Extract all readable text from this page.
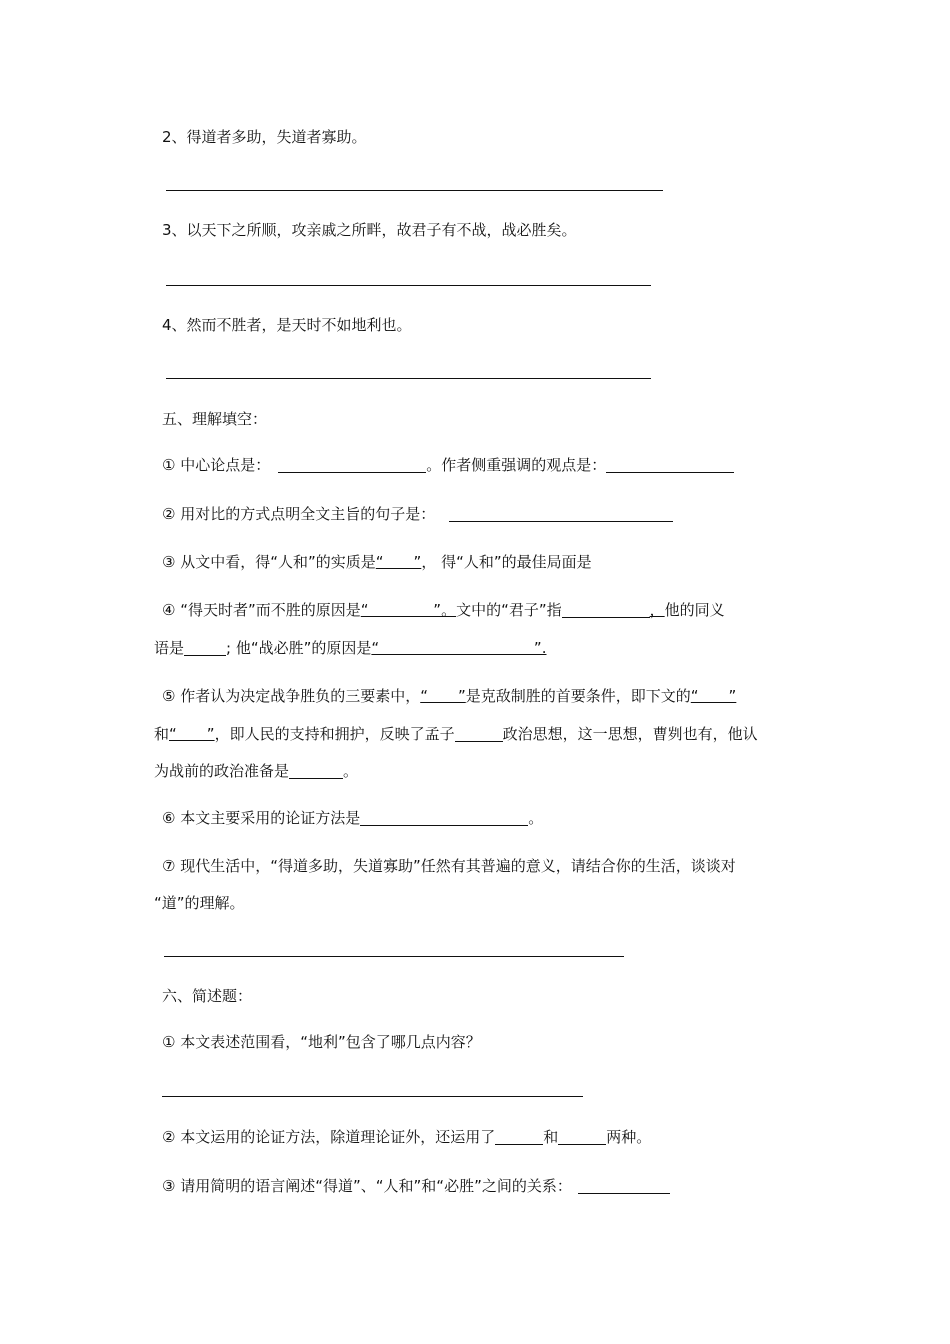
2、得道者多助，失道者寡助。
3、以天下之所顺，攻亲戚之所畔，故君子有不战，战必胜矣。
4、然而不胜者，是天时不如地利也。
五、理解填空：
① 中心论点是：	。作者侧重强调的观点是：
② 用对比的方式点明全文主旨的句子是：
③ 从文中看，得“人和”的实质是“　　”， 得“人和”的最佳局面是
④ “得天时者”而不胜的原因是“　　　　 ”。文中的“君子”指	，他的同义
语是	; 他“战必胜”的原因是“　　　　　　　　　　 ”.
⑤ 作者认为决定战争胜负的三要素中，“　　”是克敌制胜的首要条件，即下文的“　　”
和“　　”，即人民的支持和拥护，反映了孟子	政治思想，这一思想，曹刿也有，他认
为战前的政治准备是	。
⑥ 本文主要采用的论证方法是	。
⑦ 现代生活中，“得道多助，失道寡助”任然有其普遍的意义，请结合你的生活，谈谈对
“道”的理解。
六、简述题：
① 本文表述范围看，“地利”包含了哪几点内容？
② 本文运用的论证方法，除道理论证外，还运用了	和	两种。
③ 请用简明的语言阐述“得道”、“人和”和“必胜”之间的关系：
